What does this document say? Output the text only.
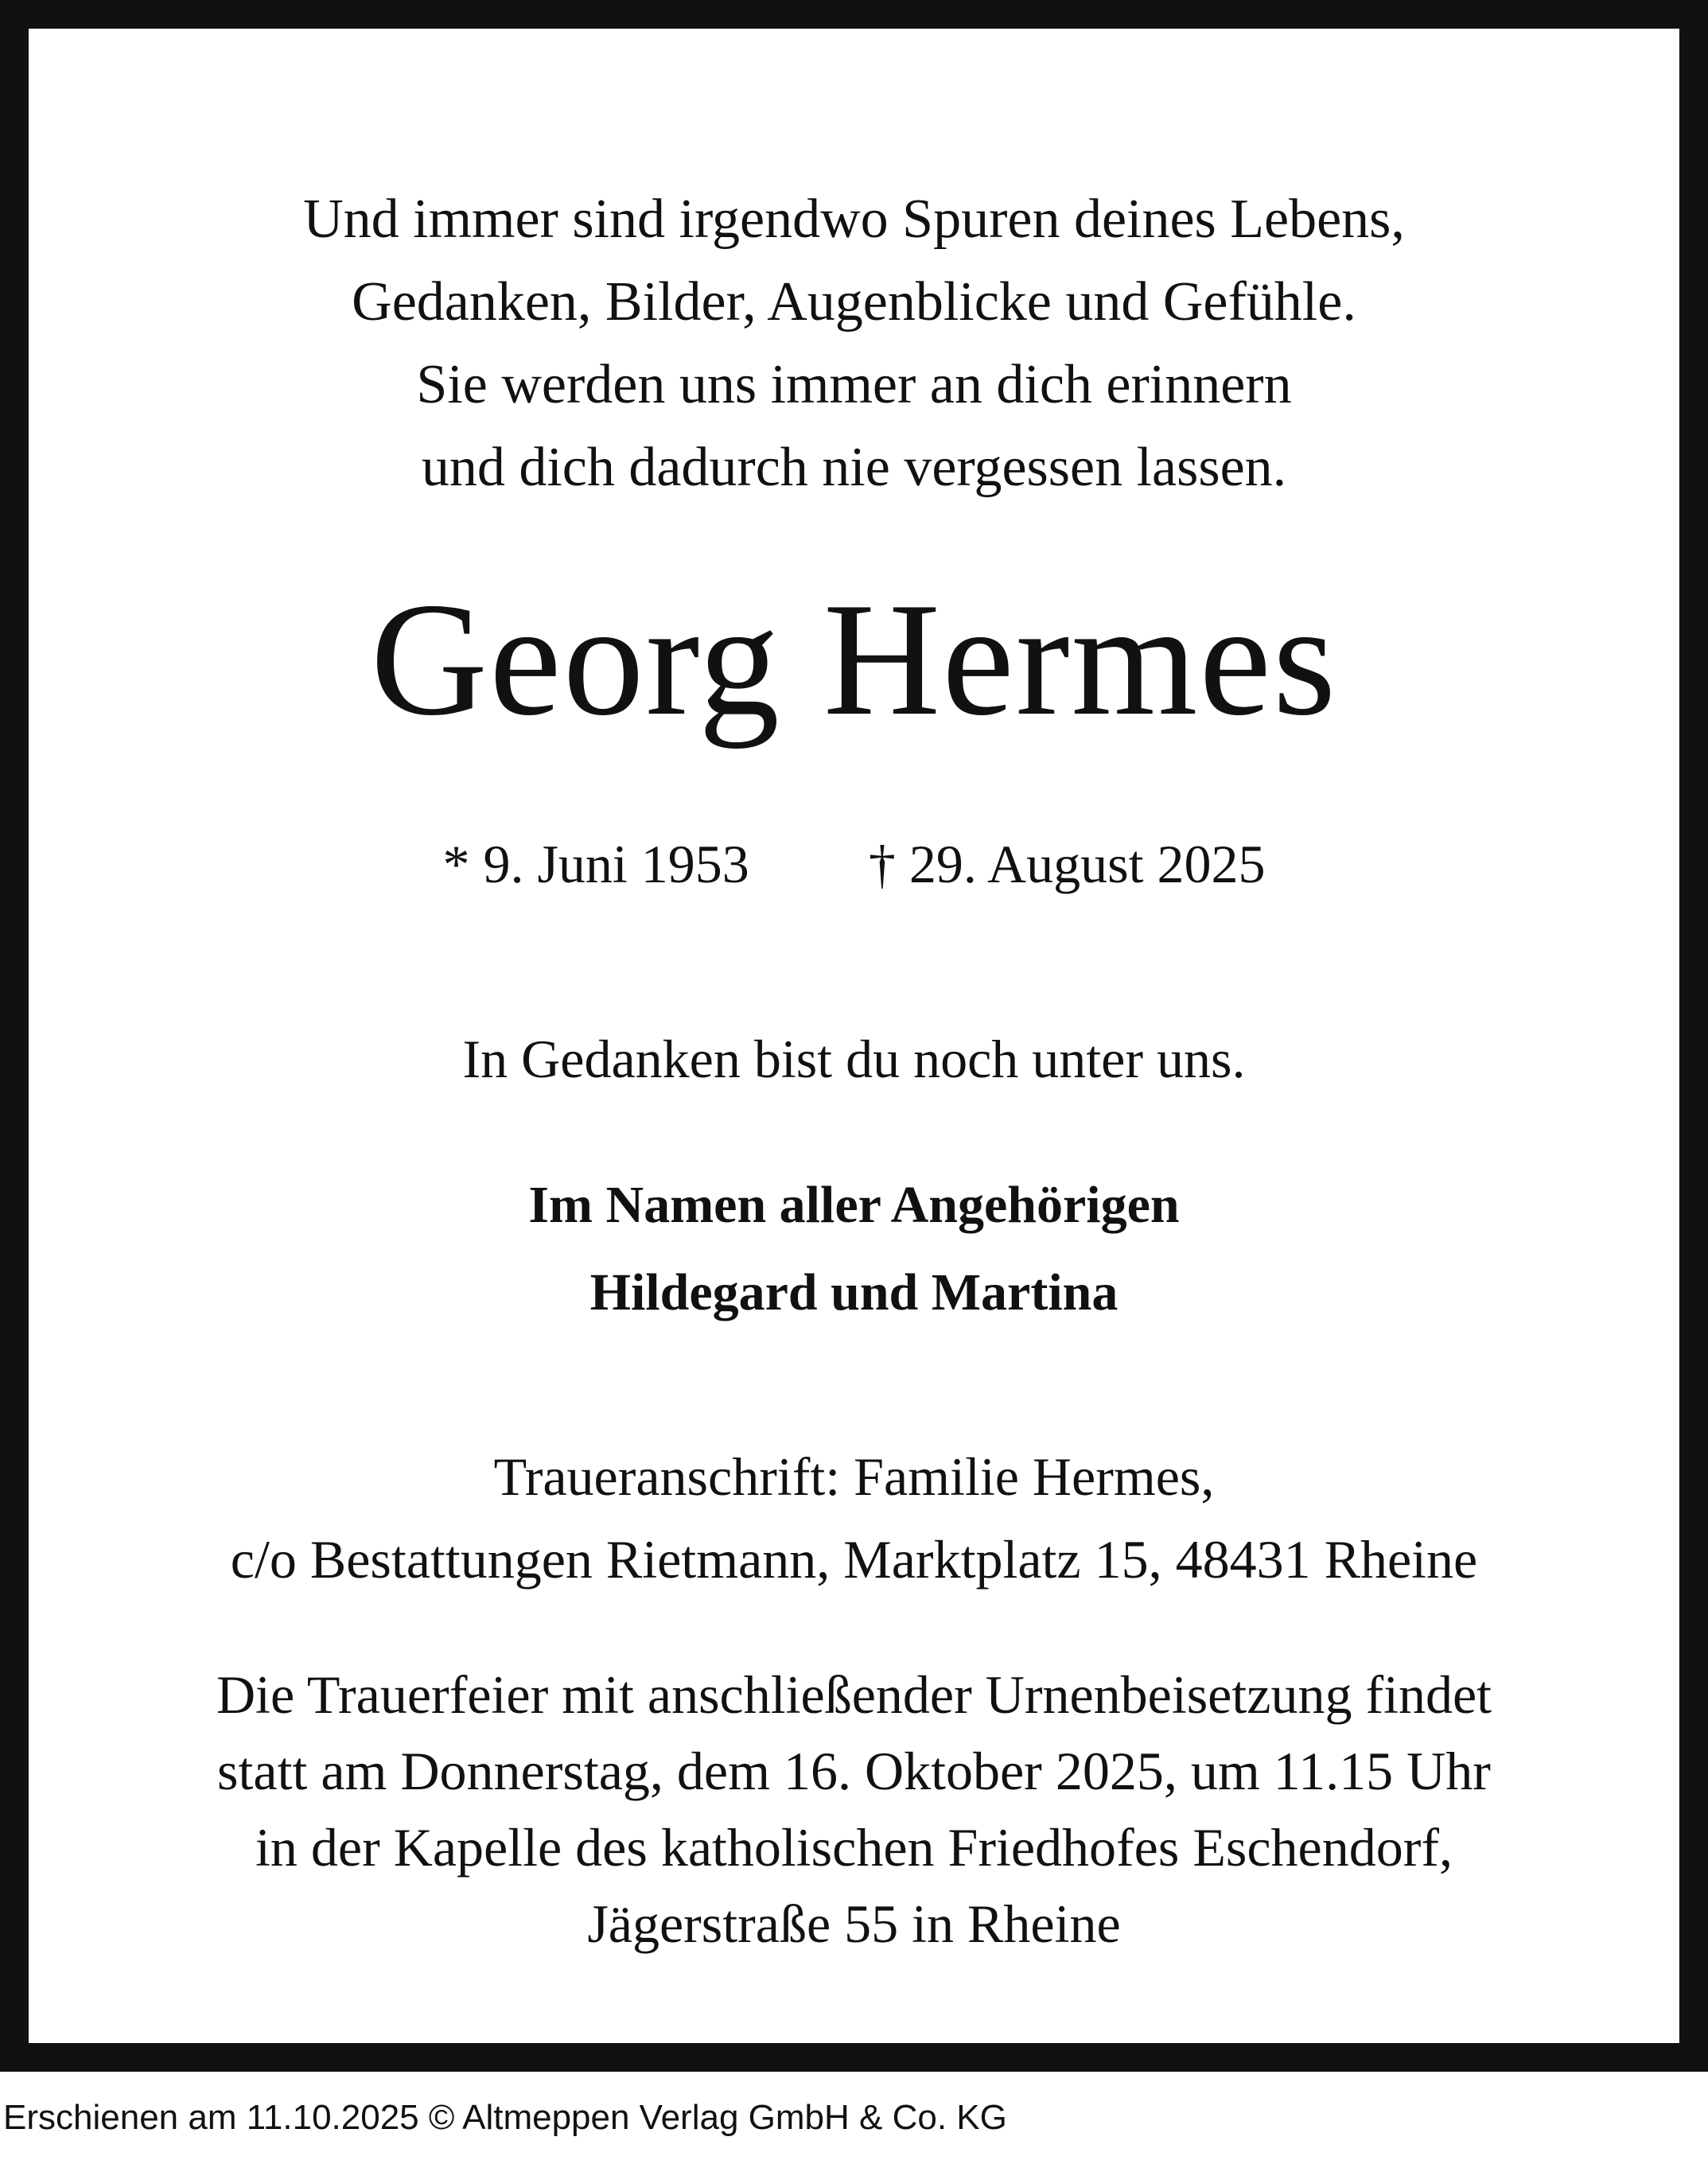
Und immer sind irgendwo Spuren deines Lebens,
Gedanken, Bilder, Augenblicke und Gefühle.
Sie werden uns immer an dich erinnern
und dich dadurch nie vergessen lassen.
Georg Hermes
* 9. Juni 1953 † 29. August 2025
In Gedanken bist du noch unter uns.
Im Namen aller Angehörigen
Hildegard und Martina
Traueranschrift: Familie Hermes,
c/o Bestattungen Rietmann, Marktplatz 15, 48431 Rheine
Die Trauerfeier mit anschließender Urnenbeisetzung findet
statt am Donnerstag, dem 16. Oktober 2025, um 11.15 Uhr
in der Kapelle des katholischen Friedhofes Eschendorf,
Jägerstraße 55 in Rheine
Erschienen am 11.10.2025 © Altmeppen Verlag GmbH & Co. KG
